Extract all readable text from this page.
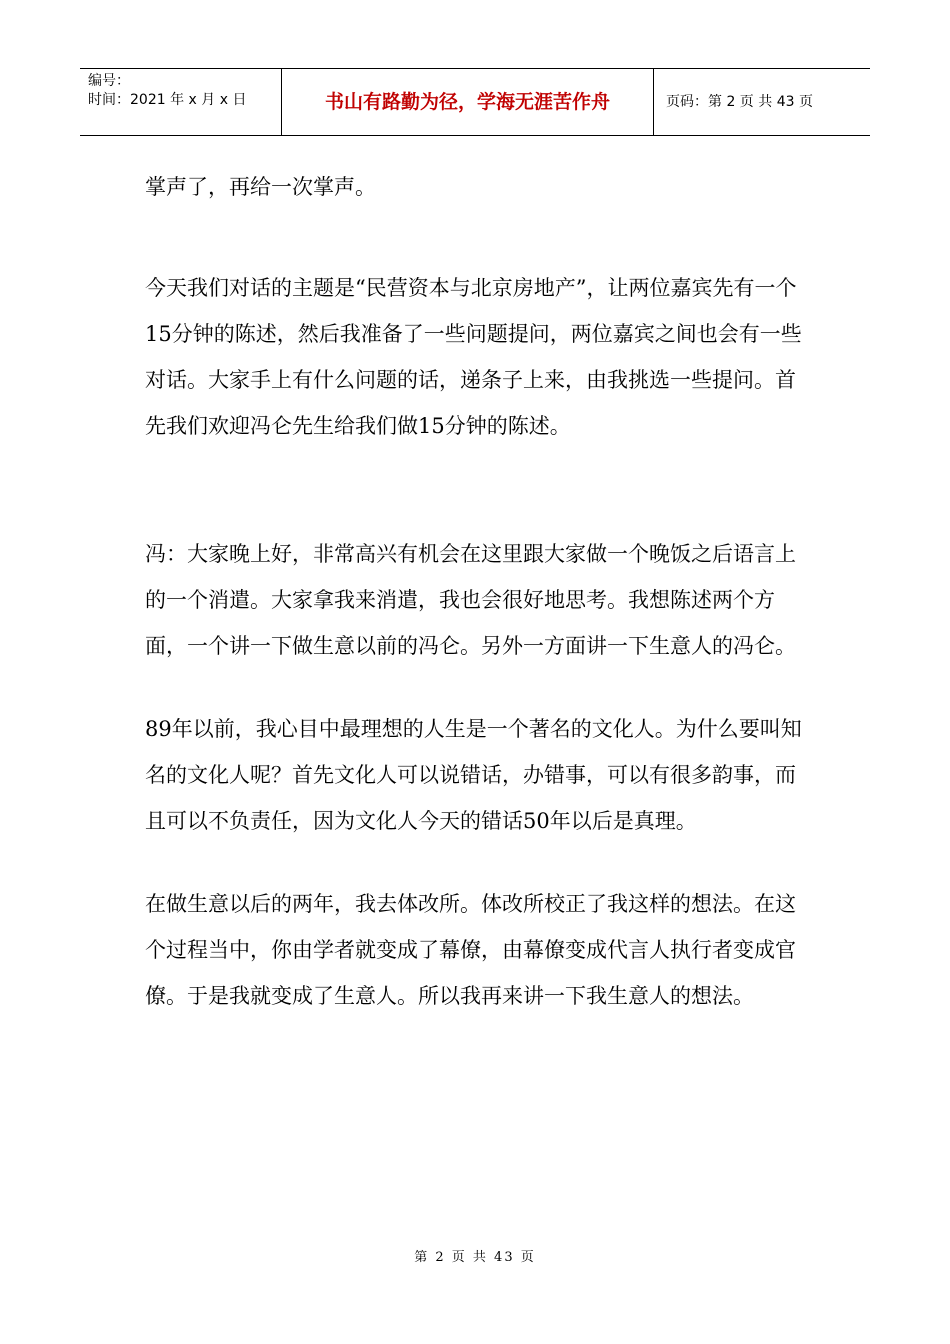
编号：
时间：2021 年 x 月 x 日	书山有路勤为径，学海无涯苦作舟	页码：第 2 页 共 43 页

掌声了，再给一次掌声。

今天我们对话的主题是“民营资本与北京房地产”，让两位嘉宾先有一个15分钟的陈述，然后我准备了一些问题提问，两位嘉宾之间也会有一些对话。大家手上有什么问题的话，递条子上来，由我挑选一些提问。首先我们欢迎冯仑先生给我们做15分钟的陈述。

冯：大家晚上好，非常高兴有机会在这里跟大家做一个晚饭之后语言上的一个消遣。大家拿我来消遣，我也会很好地思考。我想陈述两个方面，一个讲一下做生意以前的冯仑。另外一方面讲一下生意人的冯仑。

89年以前，我心目中最理想的人生是一个著名的文化人。为什么要叫知名的文化人呢？首先文化人可以说错话，办错事，可以有很多韵事，而且可以不负责任，因为文化人今天的错话50年以后是真理。

在做生意以后的两年，我去体改所。体改所校正了我这样的想法。在这个过程当中，你由学者就变成了幕僚，由幕僚变成代言人执行者变成官僚。于是我就变成了生意人。所以我再来讲一下我生意人的想法。

第 2 页 共 43 页
